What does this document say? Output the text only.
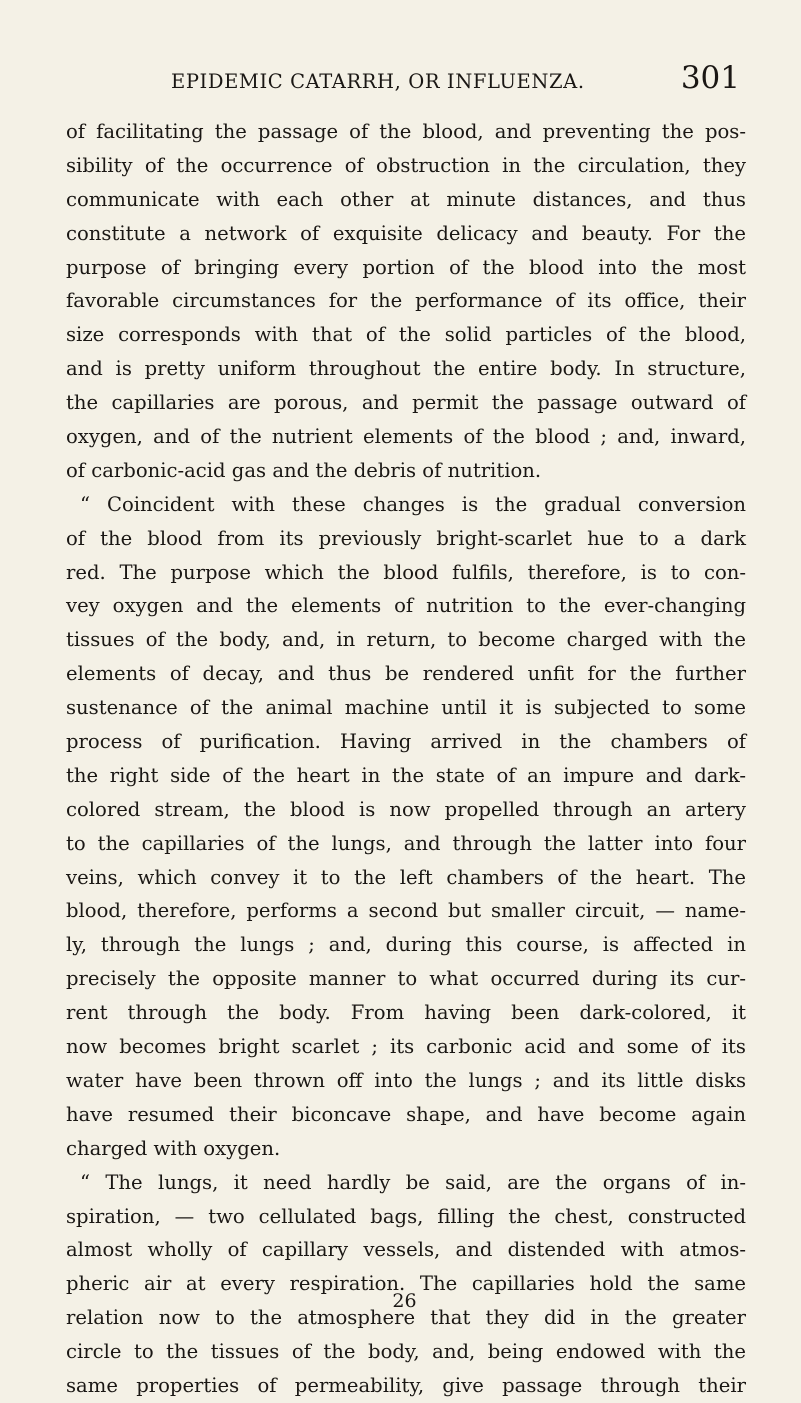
EPIDEMIC CATARRH, OR INFLUENZA.	301
of facilitating the passage of the blood, and preventing the pos-
sibility of the occurrence of obstruction in the circulation, they
communicate with each other at minute distances, and thus
constitute a network of exquisite delicacy and beauty. For the
purpose of bringing every portion of the blood into the most
favorable circumstances for the performance of its office, their
size corresponds with that of the solid particles of the blood,
and is pretty uniform throughout the entire body. In structure,
the capillaries are porous, and permit the passage outward of
oxygen, and of the nutrient elements of the blood ; and, inward,
of carbonic-acid gas and the debris of nutrition.
“ Coincident with these changes is the gradual conversion
of the blood from its previously bright-scarlet hue to a dark
red. The purpose which the blood fulfils, therefore, is to con-
vey oxygen and the elements of nutrition to the ever-changing
tissues of the body, and, in return, to become charged with the
elements of decay, and thus be rendered unfit for the further
sustenance of the animal machine until it is subjected to some
process of purification. Having arrived in the chambers of
the right side of the heart in the state of an impure and dark-
colored stream, the blood is now propelled through an artery
to the capillaries of the lungs, and through the latter into four
veins, which convey it to the left chambers of the heart. The
blood, therefore, performs a second but smaller circuit, — name-
ly, through the lungs ; and, during this course, is affected in
precisely the opposite manner to what occurred during its cur-
rent through the body. From having been dark-colored, it
now becomes bright scarlet ; its carbonic acid and some of its
water have been thrown off into the lungs ; and its little disks
have resumed their biconcave shape, and have become again
charged with oxygen.
“ The lungs, it need hardly be said, are the organs of in-
spiration, — two cellulated bags, filling the chest, constructed
almost wholly of capillary vessels, and distended with atmos-
pheric air at every respiration. The capillaries hold the same
relation now to the atmosphere that they did in the greater
circle to the tissues of the body, and, being endowed with the
same properties of permeability, give passage through their
26
